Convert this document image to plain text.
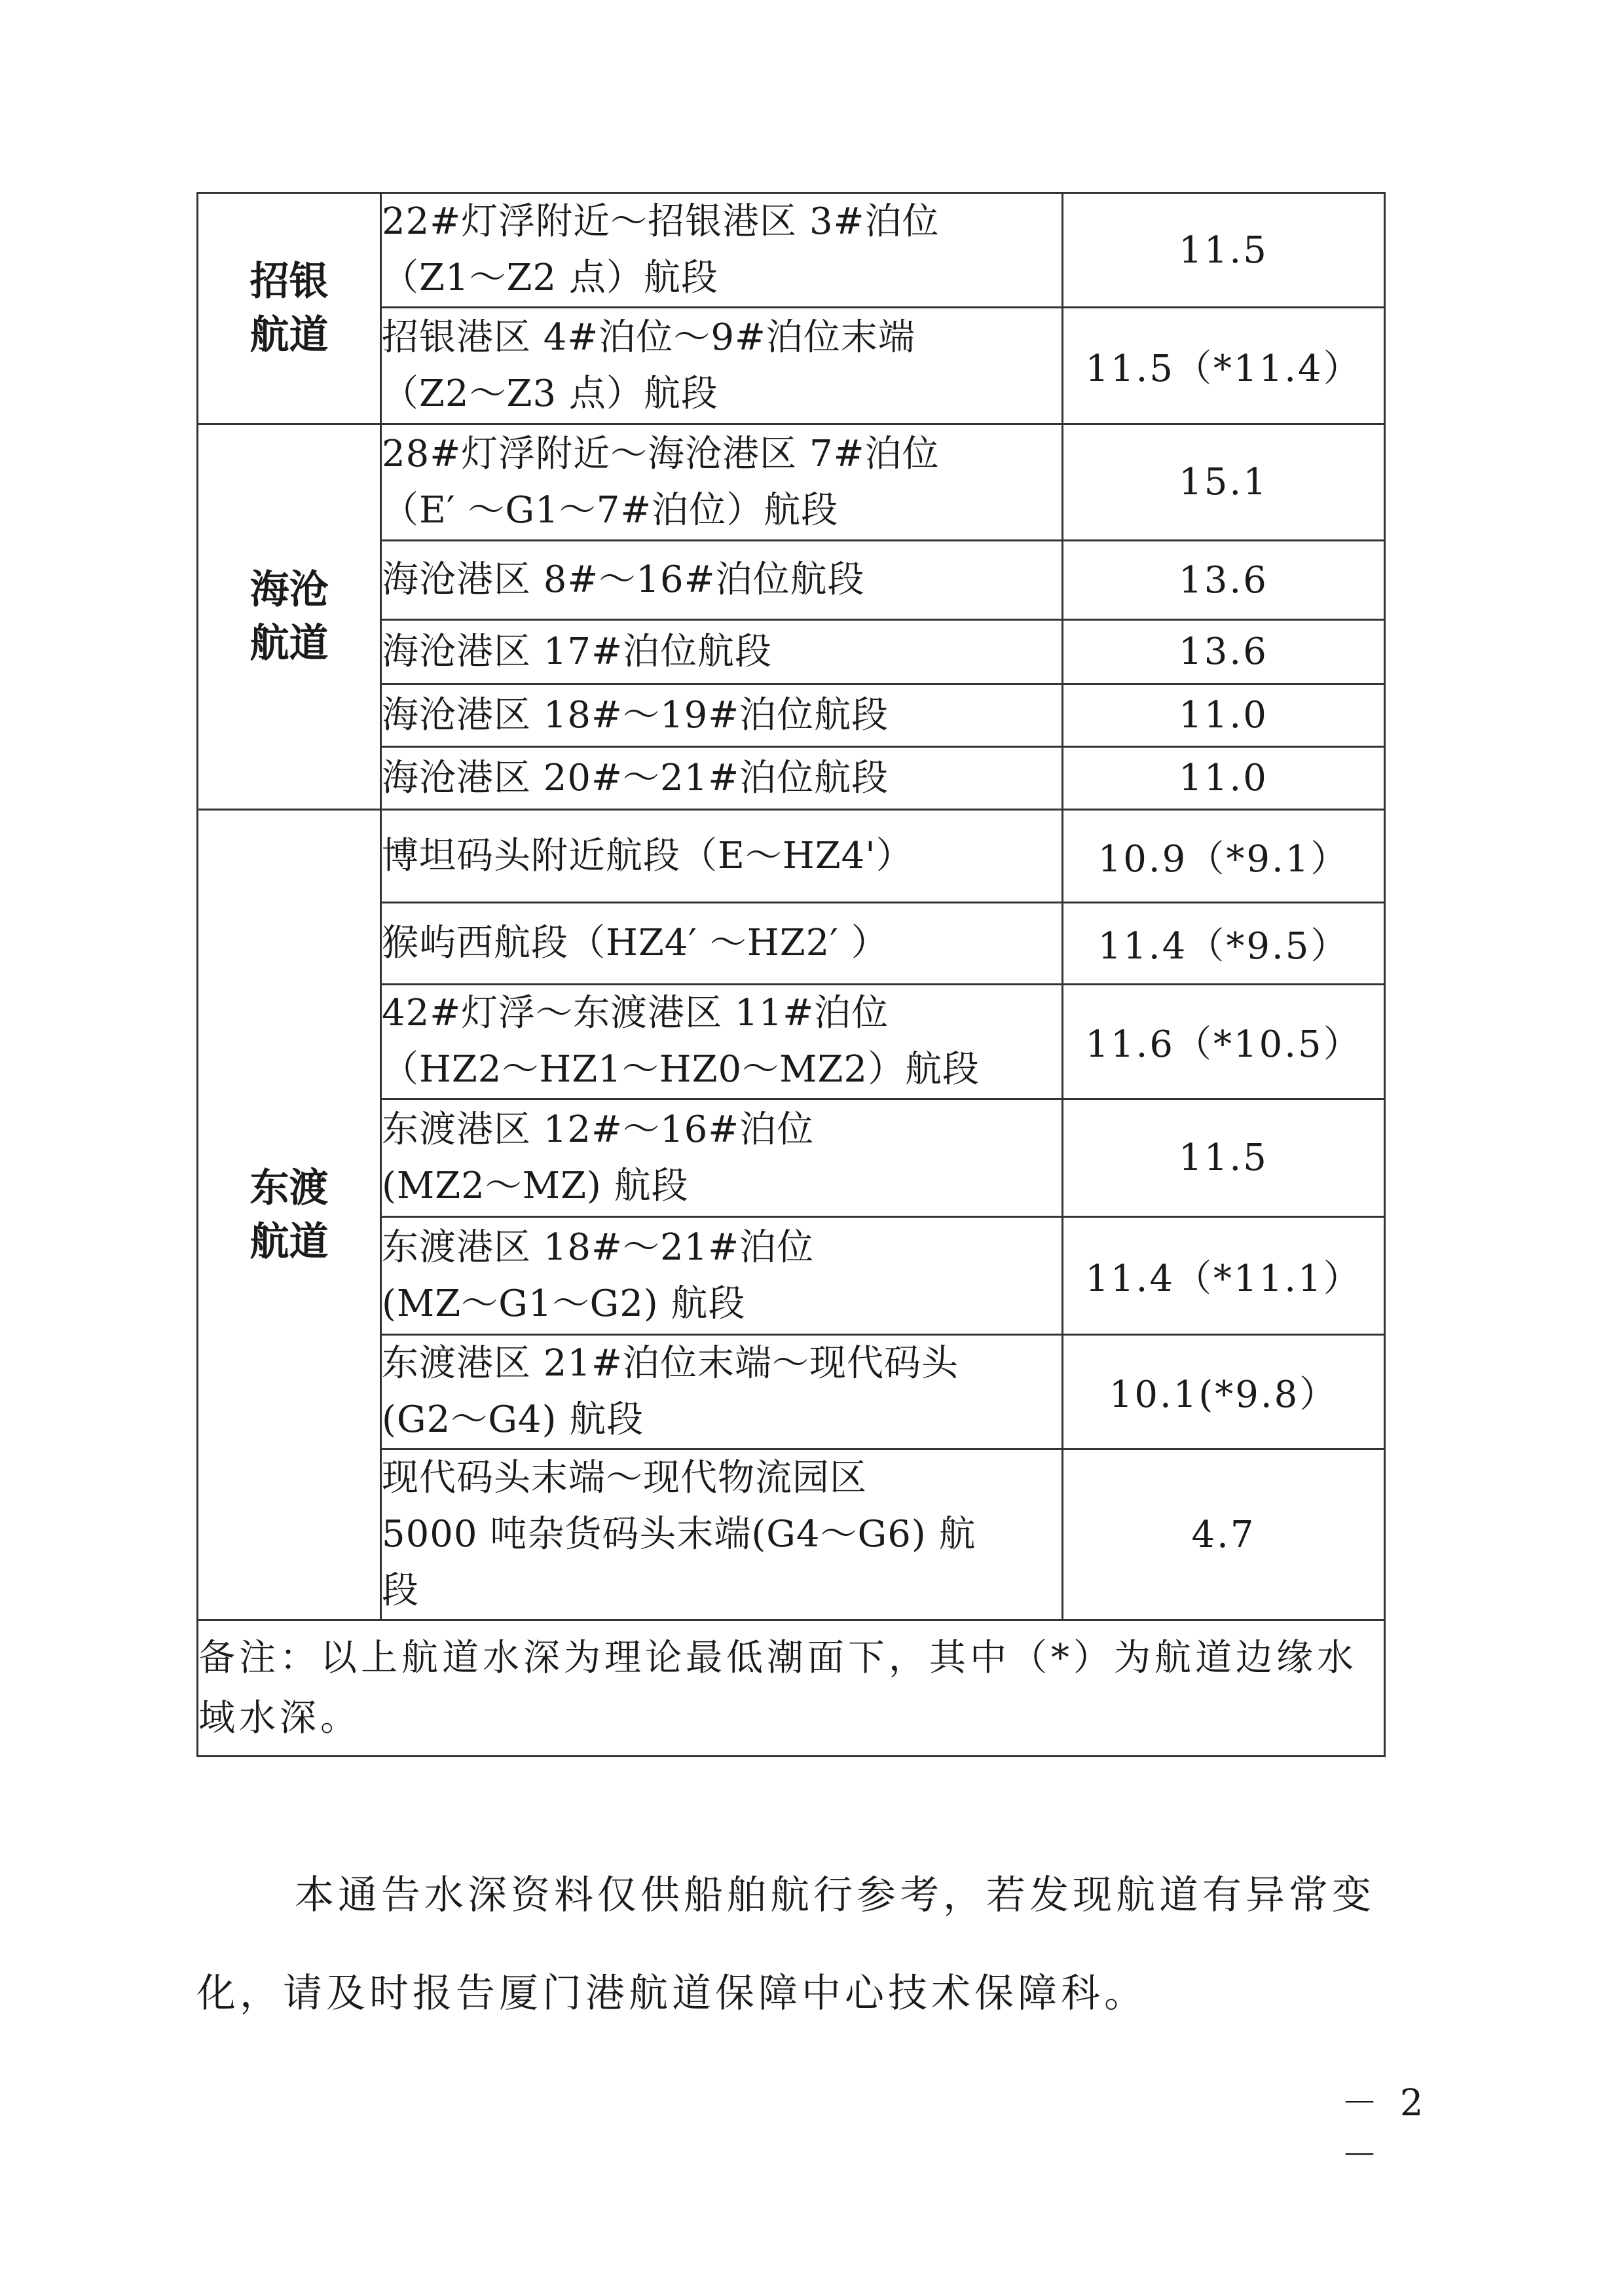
招银
航道	22#灯浮附近～招银港区 3#泊位
（Z1～Z2 点）航段	11.5
	招银港区 4#泊位～9#泊位末端
（Z2～Z3 点）航段	11.5（*11.4）
海沧
航道	28#灯浮附近～海沧港区 7#泊位
（E′ ～G1～7#泊位）航段	15.1
	海沧港区 8#～16#泊位航段	13.6
	海沧港区 17#泊位航段	13.6
	海沧港区 18#～19#泊位航段	11.0
	海沧港区 20#～21#泊位航段	11.0
东渡
航道	博坦码头附近航段（E～HZ4'）	10.9（*9.1）
	猴屿西航段（HZ4′ ～HZ2′ ）	11.4（*9.5）
	42#灯浮～东渡港区 11#泊位
（HZ2～HZ1～HZ0～MZ2）航段	11.6（*10.5）
	东渡港区 12#～16#泊位
(MZ2～MZ) 航段	11.5
	东渡港区 18#～21#泊位
(MZ～G1～G2) 航段	11.4（*11.1）
	东渡港区 21#泊位末端～现代码头
(G2～G4) 航段	10.1(*9.8）
	现代码头末端～现代物流园区
5000 吨杂货码头末端(G4～G6) 航
段	4.7
备注：以上航道水深为理论最低潮面下，其中（*）为航道边缘水域水深。		

本通告水深资料仅供船舶航行参考，若发现航道有异常变化，请及时报告厦门港航道保障中心技术保障科。

－ 2 －
